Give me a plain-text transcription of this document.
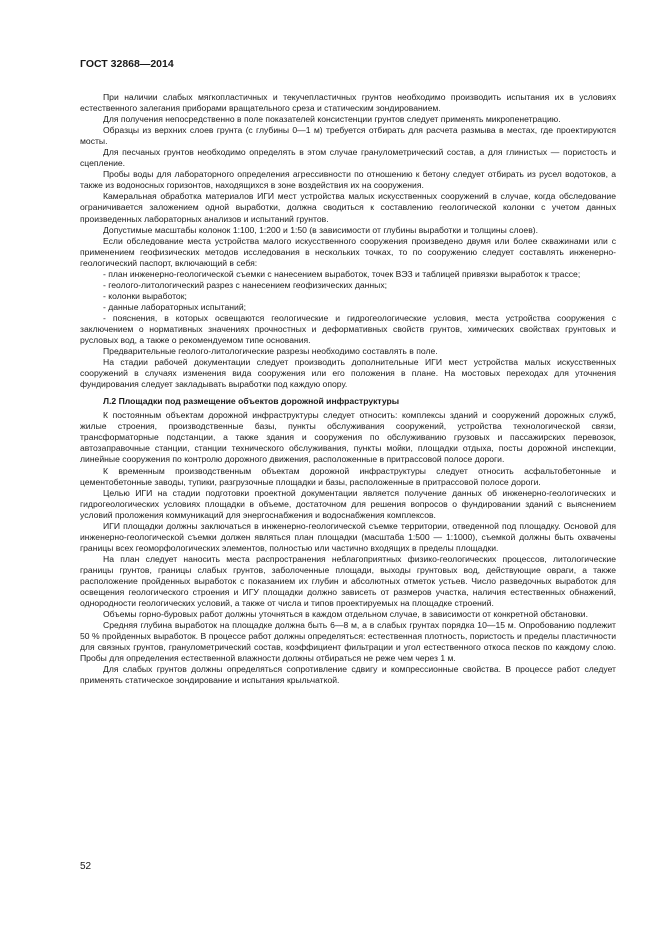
ГОСТ 32868—2014

При наличии слабых мягкопластичных и текучепластичных грунтов необходимо производить испытания их в условиях естественного залегания приборами вращательного среза и статическим зондированием.

Для получения непосредственно в поле показателей консистенции грунтов следует применять микропенетрацию.

Образцы из верхних слоев грунта (с глубины 0—1 м) требуется отбирать для расчета размыва в местах, где проектируются мосты.

Для песчаных грунтов необходимо определять в этом случае гранулометрический состав, а для глинистых — пористость и сцепление.

Пробы воды для лабораторного определения агрессивности по отношению к бетону следует отбирать из русел водотоков, а также из водоносных горизонтов, находящихся в зоне воздействия их на сооружения.

Камеральная обработка материалов ИГИ мест устройства малых искусственных сооружений в случае, когда обследование ограничивается заложением одной выработки, должна сводиться к составлению геологической колонки с учетом данных произведенных лабораторных анализов и испытаний грунтов.

Допустимые масштабы колонок 1:100, 1:200 и 1:50 (в зависимости от глубины выработки и толщины слоев).

Если обследование места устройства малого искусственного сооружения произведено двумя или более скважинами или с применением геофизических методов исследования в нескольких точках, то по сооружению следует составлять инженерно-геологический паспорт, включающий в себя:

- план инженерно-геологической съемки с нанесением выработок, точек ВЭЗ и таблицей привязки выработок к трассе;

- геолого-литологический разрез с нанесением геофизических данных;

- колонки выработок;

- данные лабораторных испытаний;

- пояснения, в которых освещаются геологические и гидрогеологические условия, места устройства сооружения с заключением о нормативных значениях прочностных и деформативных свойств грунтов, химических свойствах грунтовых и русловых вод, а также о рекомендуемом типе основания.

Предварительные геолого-литологические разрезы необходимо составлять в поле.

На стадии рабочей документации следует производить дополнительные ИГИ мест устройства малых искусственных сооружений в случаях изменения вида сооружения или его положения в плане. На мостовых переходах для уточнения фундирования следует закладывать выработки под каждую опору.

Л.2 Площадки под размещение объектов дорожной инфраструктуры

К постоянным объектам дорожной инфраструктуры следует относить: комплексы зданий и сооружений дорожных служб, жилые строения, производственные базы, пункты обслуживания сооружений, устройства технологической связи, трансформаторные подстанции, а также здания и сооружения по обслуживанию грузовых и пассажирских перевозок, автозаправочные станции, станции технического обслуживания, пункты мойки, площадки отдыха, посты дорожной инспекции, линейные сооружения по контролю дорожного движения, расположенные в притрассовой полосе дороги.

К временным производственным объектам дорожной инфраструктуры следует относить асфальтобетонные и цементобетонные заводы, тупики, разгрузочные площадки и базы, расположенные в притрассовой полосе дороги.

Целью ИГИ на стадии подготовки проектной документации является получение данных об инженерно-геологических и гидрогеологических условиях площадки в объеме, достаточном для решения вопросов о фундировании зданий с выяснением условий проложения коммуникаций для энергоснабжения и водоснабжения комплексов.

ИГИ площадки должны заключаться в инженерно-геологической съемке территории, отведенной под площадку. Основой для инженерно-геологической съемки должен являться план площадки (масштаба 1:500 — 1:1000), съемкой должны быть охвачены границы всех геоморфологических элементов, полностью или частично входящих в пределы площадки.

На план следует наносить места распространения неблагоприятных физико-геологических процессов, литологические границы грунтов, границы слабых грунтов, заболоченные площади, выходы грунтовых вод, действующие овраги, а также расположение пройденных выработок с показанием их глубин и абсолютных отметок устьев. Число разведочных выработок для освещения геологического строения и ИГУ площадки должно зависеть от размеров участка, наличия естественных обнажений, однородности геологических условий, а также от числа и типов проектируемых на площадке строений.

Объемы горно-буровых работ должны уточняться в каждом отдельном случае, в зависимости от конкретной обстановки.

Средняя глубина выработок на площадке должна быть 6—8 м, а в слабых грунтах порядка 10—15 м. Опробованию подлежит 50 % пройденных выработок. В процессе работ должны определяться: естественная плотность, пористость и пределы пластичности для связных грунтов, гранулометрический состав, коэффициент фильтрации и угол естественного откоса песков по каждому слою. Пробы для определения естественной влажности должны отбираться не реже чем через 1 м.

Для слабых грунтов должны определяться сопротивление сдвигу и компрессионные свойства. В процессе работ следует применять статическое зондирование и испытания крыльчаткой.

52
